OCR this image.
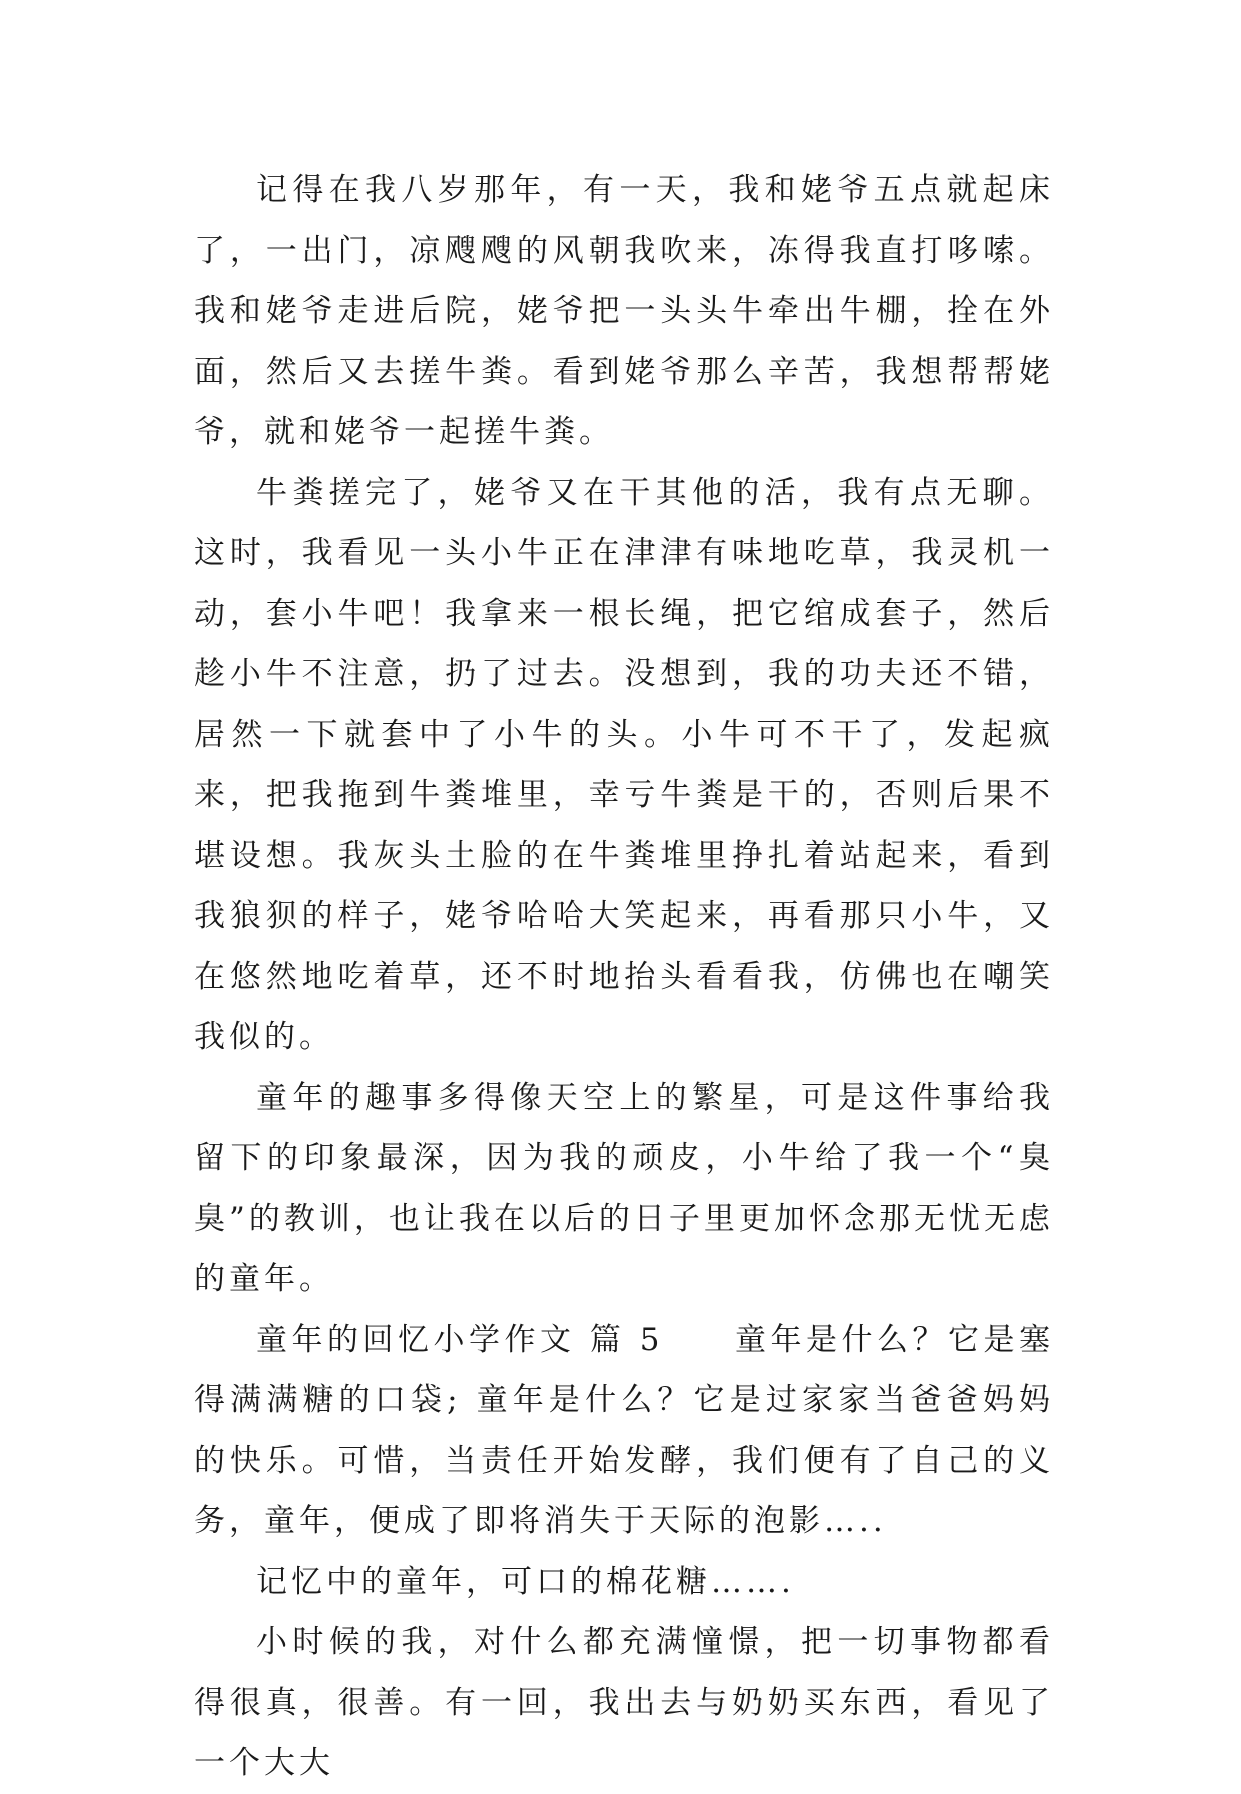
记得在我八岁那年，有一天，我和姥爷五点就起床了，一出门，凉飕飕的风朝我吹来，冻得我直打哆嗦。我和姥爷走进后院，姥爷把一头头牛牵出牛棚，拴在外面，然后又去搓牛粪。看到姥爷那么辛苦，我想帮帮姥爷，就和姥爷一起搓牛粪。

牛粪搓完了，姥爷又在干其他的活，我有点无聊。这时，我看见一头小牛正在津津有味地吃草，我灵机一动，套小牛吧！我拿来一根长绳，把它绾成套子，然后趁小牛不注意，扔了过去。没想到，我的功夫还不错，居然一下就套中了小牛的头。小牛可不干了，发起疯来，把我拖到牛粪堆里，幸亏牛粪是干的，否则后果不堪设想。我灰头土脸的在牛粪堆里挣扎着站起来，看到我狼狈的样子，姥爷哈哈大笑起来，再看那只小牛，又在悠然地吃着草，还不时地抬头看看我，仿佛也在嘲笑我似的。

童年的趣事多得像天空上的繁星，可是这件事给我留下的印象最深，因为我的顽皮，小牛给了我一个“臭臭”的教训，也让我在以后的日子里更加怀念那无忧无虑的童年。

童年的回忆小学作文 篇 5　　童年是什么？它是塞得满满糖的口袋; 童年是什么？它是过家家当爸爸妈妈的快乐。可惜，当责任开始发酵，我们便有了自己的义务，童年，便成了即将消失于天际的泡影…..

记忆中的童年，可口的棉花糖…….

小时候的我，对什么都充满憧憬，把一切事物都看得很真，很善。有一回，我出去与奶奶买东西，看见了一个大大
